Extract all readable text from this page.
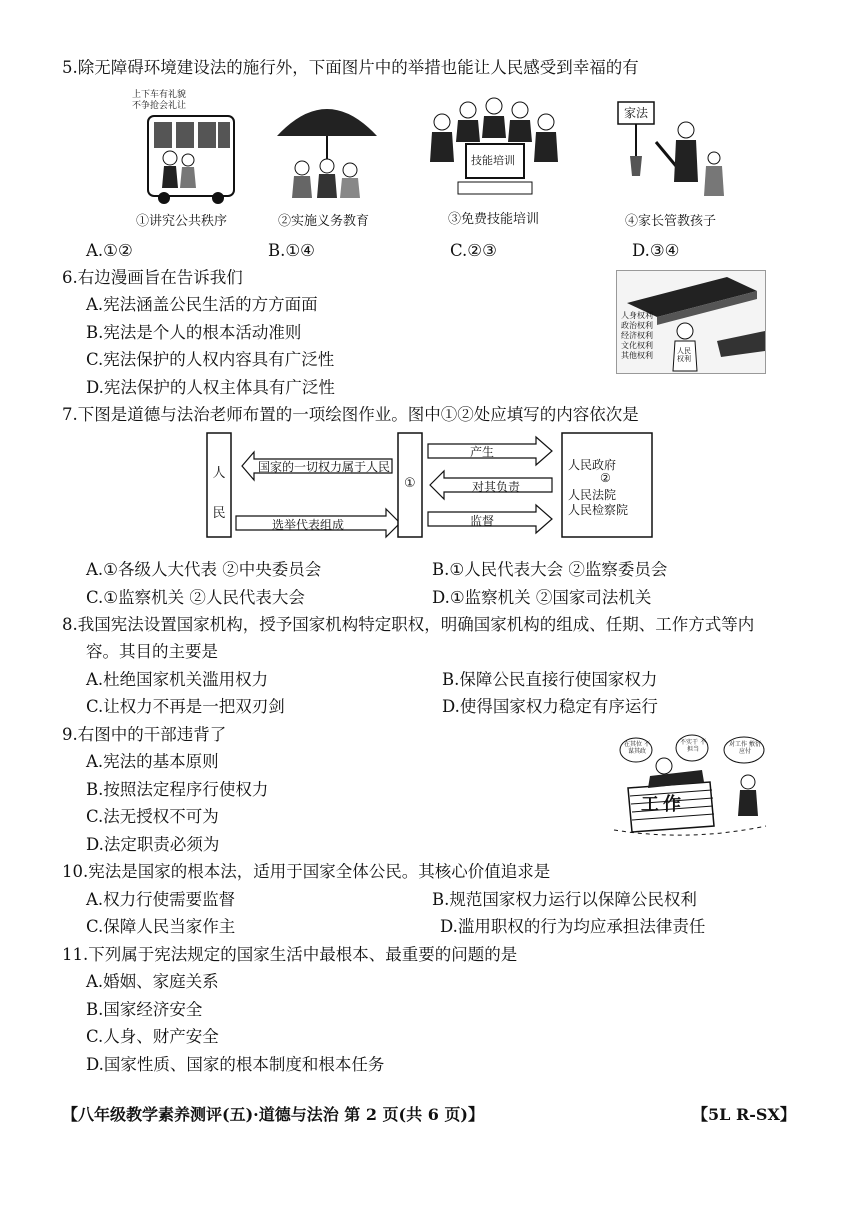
5.除无障碍环境建设法的施行外，下面图片中的举措也能让人民感受到幸福的有
上下车有礼貌
不争抢会礼让
①讲究公共秩序
义务教育
②实施义务教育
技能培训
③免费技能培训
家法
④家长管教孩子
A.①②	B.①④	C.②③	D.③④
6.右边漫画旨在告诉我们
A.宪法涵盖公民生活的方方面面
B.宪法是个人的根本活动准则
C.宪法保护的人权内容具有广泛性
D.宪法保护的人权主体具有广泛性
人身权利
政治权利
经济权利
文化权利
其他权利	人民权利
7.下图是道德与法治老师布置的一项绘图作业。图中①②处应填写的内容依次是
人民
国家的一切权力属于人民
选举代表组成
①
产生
对其负责
监督
人民政府
②
人民法院
人民检察院
A.①各级人大代表 ②中央委员会	B.①人民代表大会 ②监察委员会
C.①监察机关 ②人民代表大会	D.①监察机关 ②国家司法机关
8.我国宪法设置国家机构，授予国家机构特定职权，明确国家机构的组成、任期、工作方式等内
容。其目的主要是
A.杜绝国家机关滥用权力	B.保障公民直接行使国家权力
C.让权力不再是一把双刃剑	D.使得国家权力稳定有序运行
9.右图中的干部违背了
A.宪法的基本原则
B.按照法定程序行使权力
C.法无授权不可为
D.法定职责必须为
工作
在其位 不谋其政
不实干 不担当
对工作 敷衍应付
10.宪法是国家的根本法，适用于国家全体公民。其核心价值追求是
A.权力行使需要监督	B.规范国家权力运行以保障公民权利
C.保障人民当家作主	D.滥用职权的行为均应承担法律责任
11.下列属于宪法规定的国家生活中最根本、最重要的问题的是
A.婚姻、家庭关系
B.国家经济安全
C.人身、财产安全
D.国家性质、国家的根本制度和根本任务
【八年级教学素养测评(五)·道德与法治 第 2 页(共 6 页)】	【5L R-SX】
